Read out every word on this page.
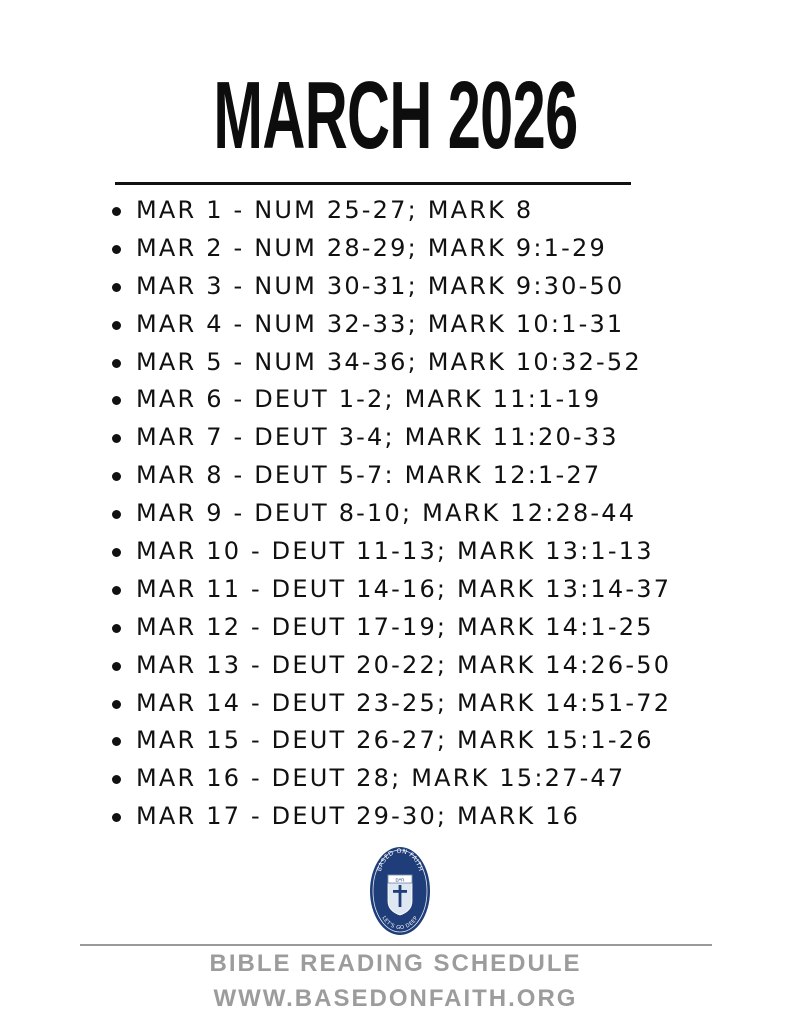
MARCH 2026
MAR 1 - NUM 25-27; MARK 8
MAR 2 - NUM 28-29; MARK 9:1-29
MAR 3 - NUM 30-31; MARK 9:30-50
MAR 4 - NUM 32-33; MARK 10:1-31
MAR 5 - NUM 34-36; MARK 10:32-52
MAR 6 - DEUT 1-2; MARK 11:1-19
MAR 7 - DEUT 3-4; MARK 11:20-33
MAR 8 - DEUT 5-7: MARK 12:1-27
MAR 9 - DEUT 8-10; MARK 12:28-44
MAR 10 - DEUT 11-13; MARK 13:1-13
MAR 11 - DEUT 14-16; MARK 13:14-37
MAR 12 - DEUT 17-19; MARK 14:1-25
MAR 13 - DEUT 20-22; MARK 14:26-50
MAR 14 - DEUT 23-25; MARK 14:51-72
MAR 15 - DEUT 26-27; MARK 15:1-26
MAR 16 - DEUT 28; MARK 15:27-47
MAR 17 - DEUT 29-30; MARK 16
BASED ON FAITH
LET'S GO DEEP
חיים
BIBLE READING SCHEDULE
WWW.BASEDONFAITH.ORG
